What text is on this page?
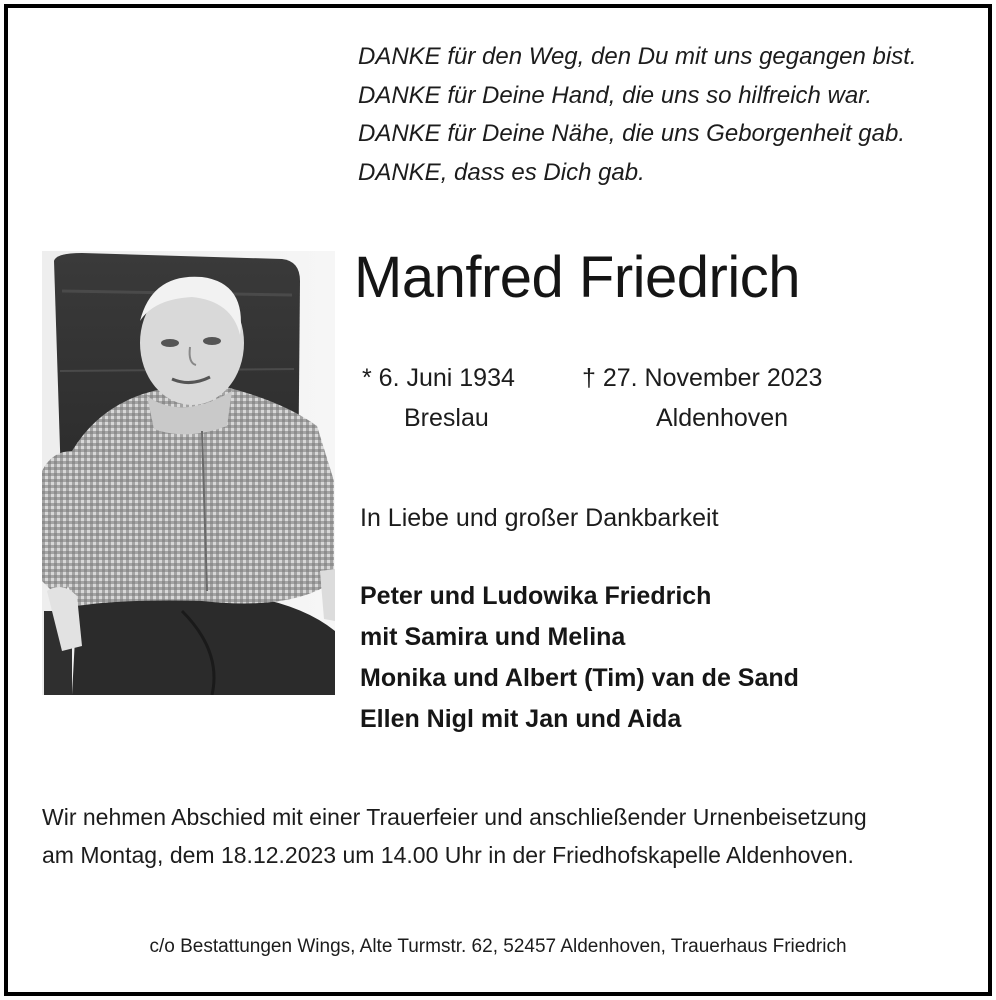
DANKE für den Weg, den Du mit uns gegangen bist.
DANKE für Deine Hand, die uns so hilfreich war.
DANKE für Deine Nähe, die uns Geborgenheit gab.
DANKE, dass es Dich gab.
Manfred Friedrich
* 6. Juni 1934
Breslau
† 27. November 2023
Aldenhoven
In Liebe und großer Dankbarkeit
Peter und Ludowika Friedrich
mit Samira und Melina
Monika und Albert (Tim) van de Sand
Ellen Nigl mit Jan und Aida
Wir nehmen Abschied mit einer Trauerfeier und anschließender Urnenbeisetzung
am Montag, dem 18.12.2023 um 14.00 Uhr in der Friedhofskapelle Aldenhoven.
c/o Bestattungen Wings, Alte Turmstr. 62, 52457 Aldenhoven, Trauerhaus Friedrich
